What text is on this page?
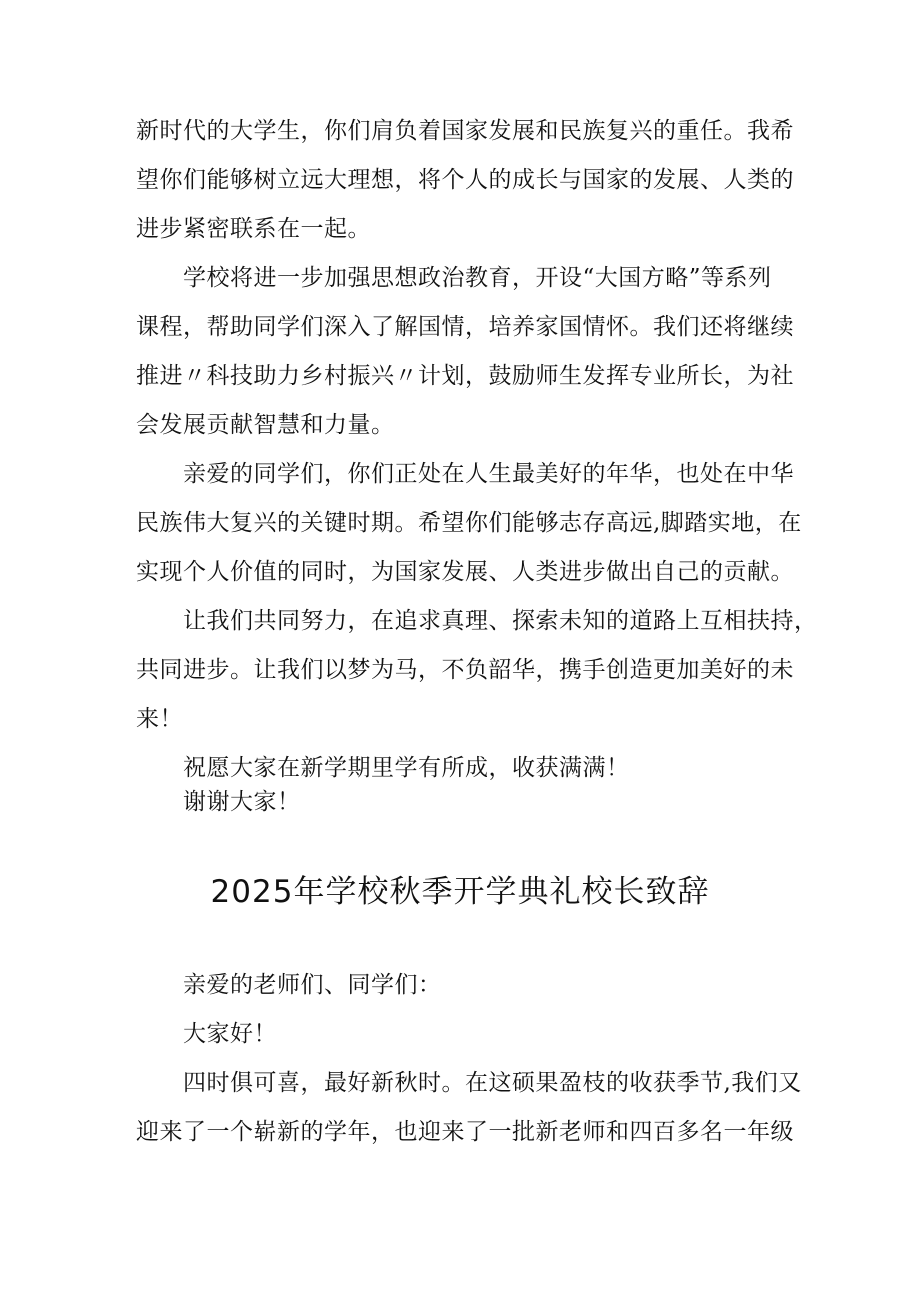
新时代的大学生，你们肩负着国家发展和民族复兴的重任。我希
望你们能够树立远大理想，将个人的成长与国家的发展、人类的
进步紧密联系在一起。
学校将进一步加强思想政治教育，开设“大国方略”等系列
课程，帮助同学们深入了解国情，培养家国情怀。我们还将继续
推进〃科技助力乡村振兴〃计划，鼓励师生发挥专业所长，为社
会发展贡献智慧和力量。
亲爱的同学们，你们正处在人生最美好的年华，也处在中华
民族伟大复兴的关键时期。希望你们能够志存高远,脚踏实地，在
实现个人价值的同时，为国家发展、人类进步做出自己的贡献。
让我们共同努力，在追求真理、探索未知的道路上互相扶持，
共同进步。让我们以梦为马，不负韶华，携手创造更加美好的未
来！
祝愿大家在新学期里学有所成，收获满满！
谢谢大家！
2025年学校秋季开学典礼校长致辞
亲爱的老师们、同学们：
大家好！
四时俱可喜，最好新秋时。在这硕果盈枝的收获季节,我们又
迎来了一个崭新的学年，也迎来了一批新老师和四百多名一年级
